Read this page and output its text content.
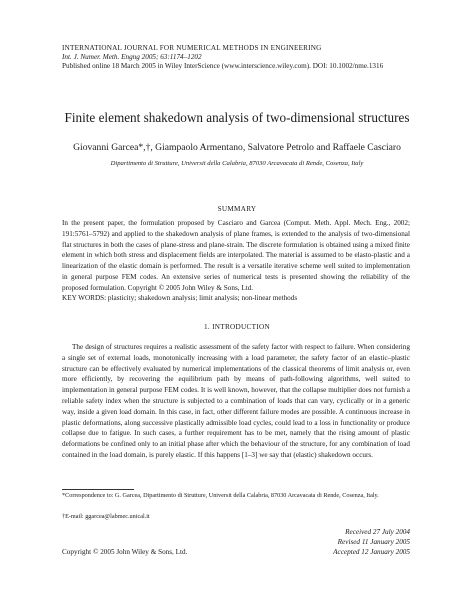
INTERNATIONAL JOURNAL FOR NUMERICAL METHODS IN ENGINEERING
Int. J. Numer. Meth. Engng 2005; 63:1174–1202
Published online 18 March 2005 in Wiley InterScience (www.interscience.wiley.com). DOI: 10.1002/nme.1316
Finite element shakedown analysis of two-dimensional structures
Giovanni Garcea*,†, Giampaolo Armentano, Salvatore Petrolo and Raffaele Casciaro
Dipartimento di Strutture, Universit della Calabria, 87030 Arcavacata di Rende, Cosenza, Italy
SUMMARY

In the present paper, the formulation proposed by Casciaro and Garcea (Comput. Meth. Appl. Mech. Eng., 2002; 191:5761–5792) and applied to the shakedown analysis of plane frames, is extended to the analysis of two-dimensional flat structures in both the cases of plane-stress and plane-strain. The discrete formulation is obtained using a mixed finite element in which both stress and displacement fields are interpolated. The material is assumed to be elasto-plastic and a linearization of the elastic domain is performed. The result is a versatile iterative scheme well suited to implementation in general purpose FEM codes. An extensive series of numerical tests is presented showing the reliability of the proposed formulation. Copyright © 2005 John Wiley & Sons, Ltd.

KEY WORDS: plasticity; shakedown analysis; limit analysis; non-linear methods
1. INTRODUCTION

The design of structures requires a realistic assessment of the safety factor with respect to failure. When considering a single set of external loads, monotonically increasing with a load parameter, the safety factor of an elastic–plastic structure can be effectively evaluated by numerical implementations of the classical theorems of limit analysis or, even more efficiently, by recovering the equilibrium path by means of path-following algorithms, well suited to implementation in general purpose FEM codes. It is well known, however, that the collapse multiplier does not furnish a reliable safety index when the structure is subjected to a combination of loads that can vary, cyclically or in a generic way, inside a given load domain. In this case, in fact, other different failure modes are possible. A continuous increase in plastic deformations, along successive plastically admissible load cycles, could lead to a loss in functionality or produce collapse due to fatigue. In such cases, a further requirement has to be met, namely that the rising amount of plastic deformations be confined only to an initial phase after which the behaviour of the structure, for any combination of load contained in the load domain, is purely elastic. If this happens [1–3] we say that (elastic) shakedown occurs.

*Correspondence to: G. Garcea, Dipartimento di Strutture, Universit della Calabria, 87030 Arcavacata di Rende, Cosenza, Italy.
†E-mail: ggarcea@labmec.unical.it
Received 27 July 2004
Revised 11 January 2005
Accepted 12 January 2005
Copyright © 2005 John Wiley & Sons, Ltd.
